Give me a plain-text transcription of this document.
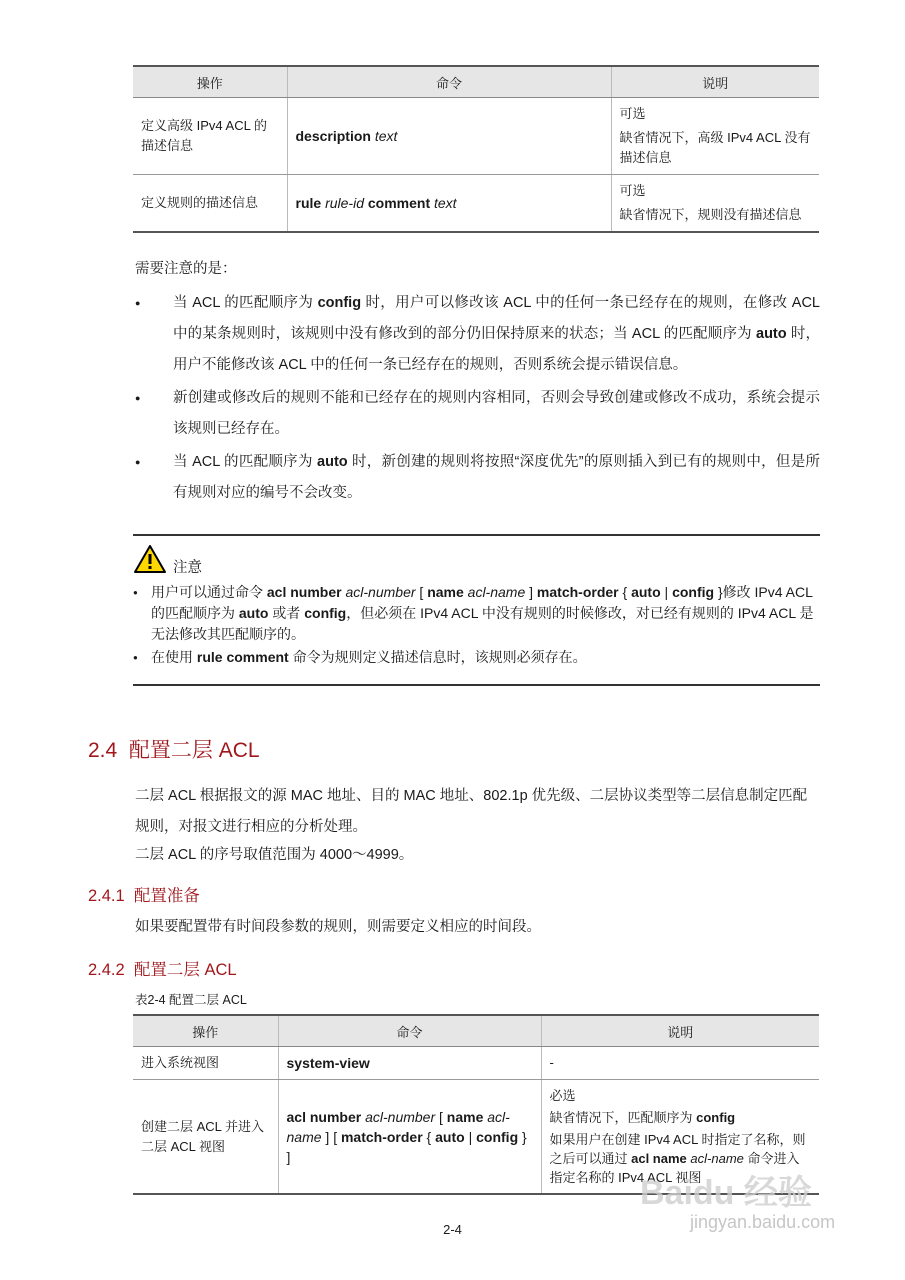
操作	命令	说明
定义高级 IPv4 ACL 的描述信息	description text	可选

缺省情况下，高级 IPv4 ACL 没有描述信息

定义规则的描述信息	rule rule-id comment text	可选

缺省情况下，规则没有描述信息

需要注意的是：

● 当 ACL 的匹配顺序为 config 时，用户可以修改该 ACL 中的任何一条已经存在的规则，在修改 ACL 中的某条规则时，该规则中没有修改到的部分仍旧保持原来的状态；当 ACL 的匹配顺序为 auto 时，用户不能修改该 ACL 中的任何一条已经存在的规则，否则系统会提示错误信息。
● 新创建或修改后的规则不能和已经存在的规则内容相同，否则会导致创建或修改不成功，系统会提示该规则已经存在。
● 当 ACL 的匹配顺序为 auto 时，新创建的规则将按照“深度优先”的原则插入到已有的规则中，但是所有规则对应的编号不会改变。
注意
● 用户可以通过命令 acl number acl-number [ name acl-name ] match-order { auto | config }修改 IPv4 ACL 的匹配顺序为 auto 或者 config，但必须在 IPv4 ACL 中没有规则的时候修改，对已经有规则的 IPv4 ACL 是无法修改其匹配顺序的。
● 在使用 rule comment 命令为规则定义描述信息时，该规则必须存在。
2.4 配置二层 ACL

二层 ACL 根据报文的源 MAC 地址、目的 MAC 地址、802.1p 优先级、二层协议类型等二层信息制定匹配规则，对报文进行相应的分析处理。

二层 ACL 的序号取值范围为 4000～4999。

2.4.1 配置准备

如果要配置带有时间段参数的规则，则需要定义相应的时间段。

2.4.2 配置二层 ACL
表2-4 配置二层 ACL
操作	命令	说明
进入系统视图	system-view	-

创建二层 ACL 并进入二层 ACL 视图	acl number acl-number [ name acl-name ] [ match-order { auto | config } ]	必选

缺省情况下，匹配顺序为 config

如果用户在创建 IPv4 ACL 时指定了名称，则之后可以通过 acl name acl-name 命令进入指定名称的 IPv4 ACL 视图

Baidu 经验
jingyan.baidu.com
2-4
